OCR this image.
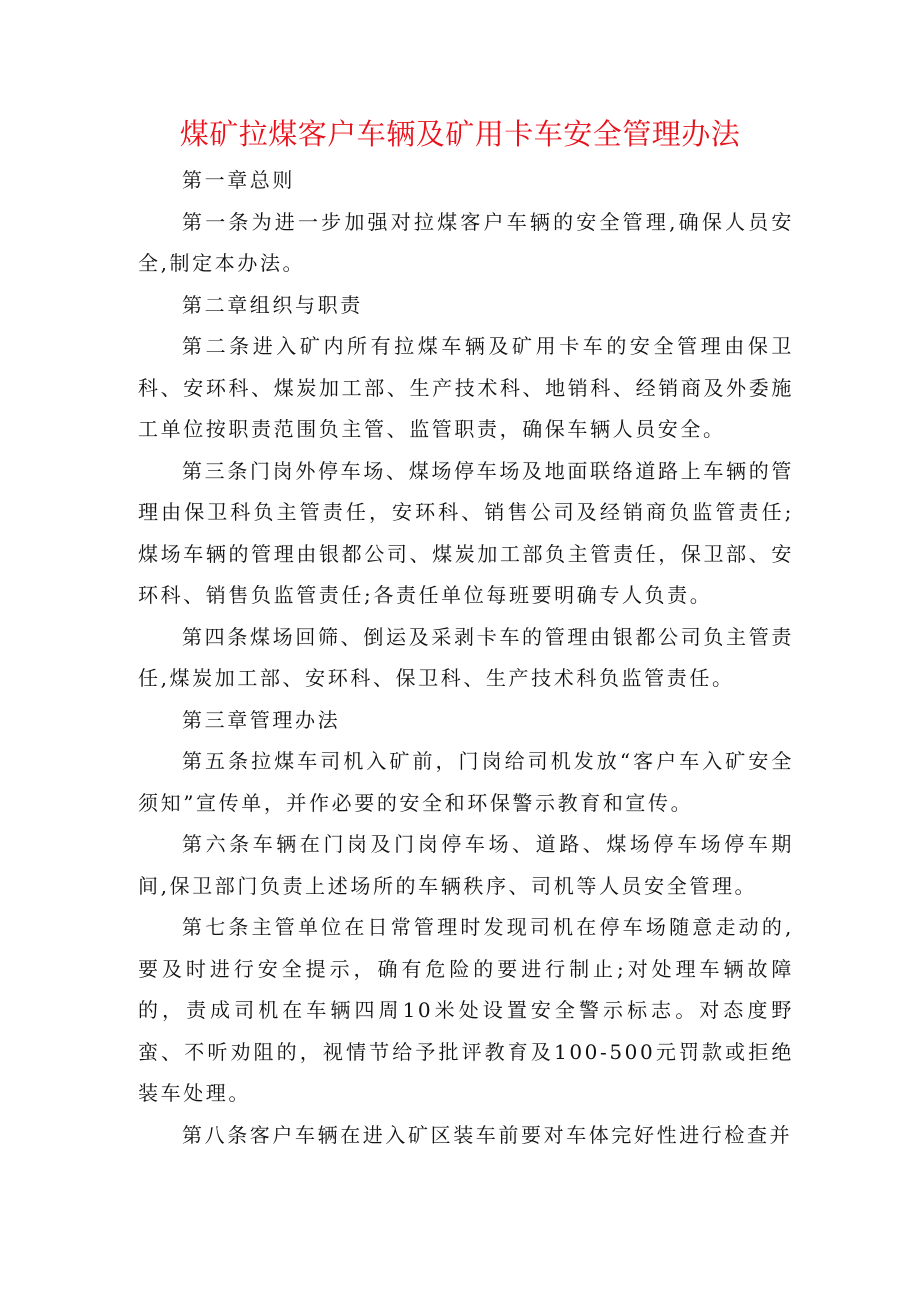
煤矿拉煤客户车辆及矿用卡车安全管理办法

第一章总则

第一条为进一步加强对拉煤客户车辆的安全管理,确保人员安全,制定本办法。

第二章组织与职责

第二条进入矿内所有拉煤车辆及矿用卡车的安全管理由保卫科、安环科、煤炭加工部、生产技术科、地销科、经销商及外委施工单位按职责范围负主管、监管职责，确保车辆人员安全。

第三条门岗外停车场、煤场停车场及地面联络道路上车辆的管理由保卫科负主管责任，安环科、销售公司及经销商负监管责任;煤场车辆的管理由银都公司、煤炭加工部负主管责任，保卫部、安环科、销售负监管责任;各责任单位每班要明确专人负责。

第四条煤场回筛、倒运及采剥卡车的管理由银都公司负主管责任,煤炭加工部、安环科、保卫科、生产技术科负监管责任。

第三章管理办法

第五条拉煤车司机入矿前，门岗给司机发放“客户车入矿安全须知”宣传单，并作必要的安全和环保警示教育和宣传。

第六条车辆在门岗及门岗停车场、道路、煤场停车场停车期间,保卫部门负责上述场所的车辆秩序、司机等人员安全管理。

第七条主管单位在日常管理时发现司机在停车场随意走动的,要及时进行安全提示，确有危险的要进行制止;对处理车辆故障的，责成司机在车辆四周10米处设置安全警示标志。对态度野蛮、不听劝阻的，视情节给予批评教育及100-500元罚款或拒绝装车处理。

第八条客户车辆在进入矿区装车前要对车体完好性进行检查并
